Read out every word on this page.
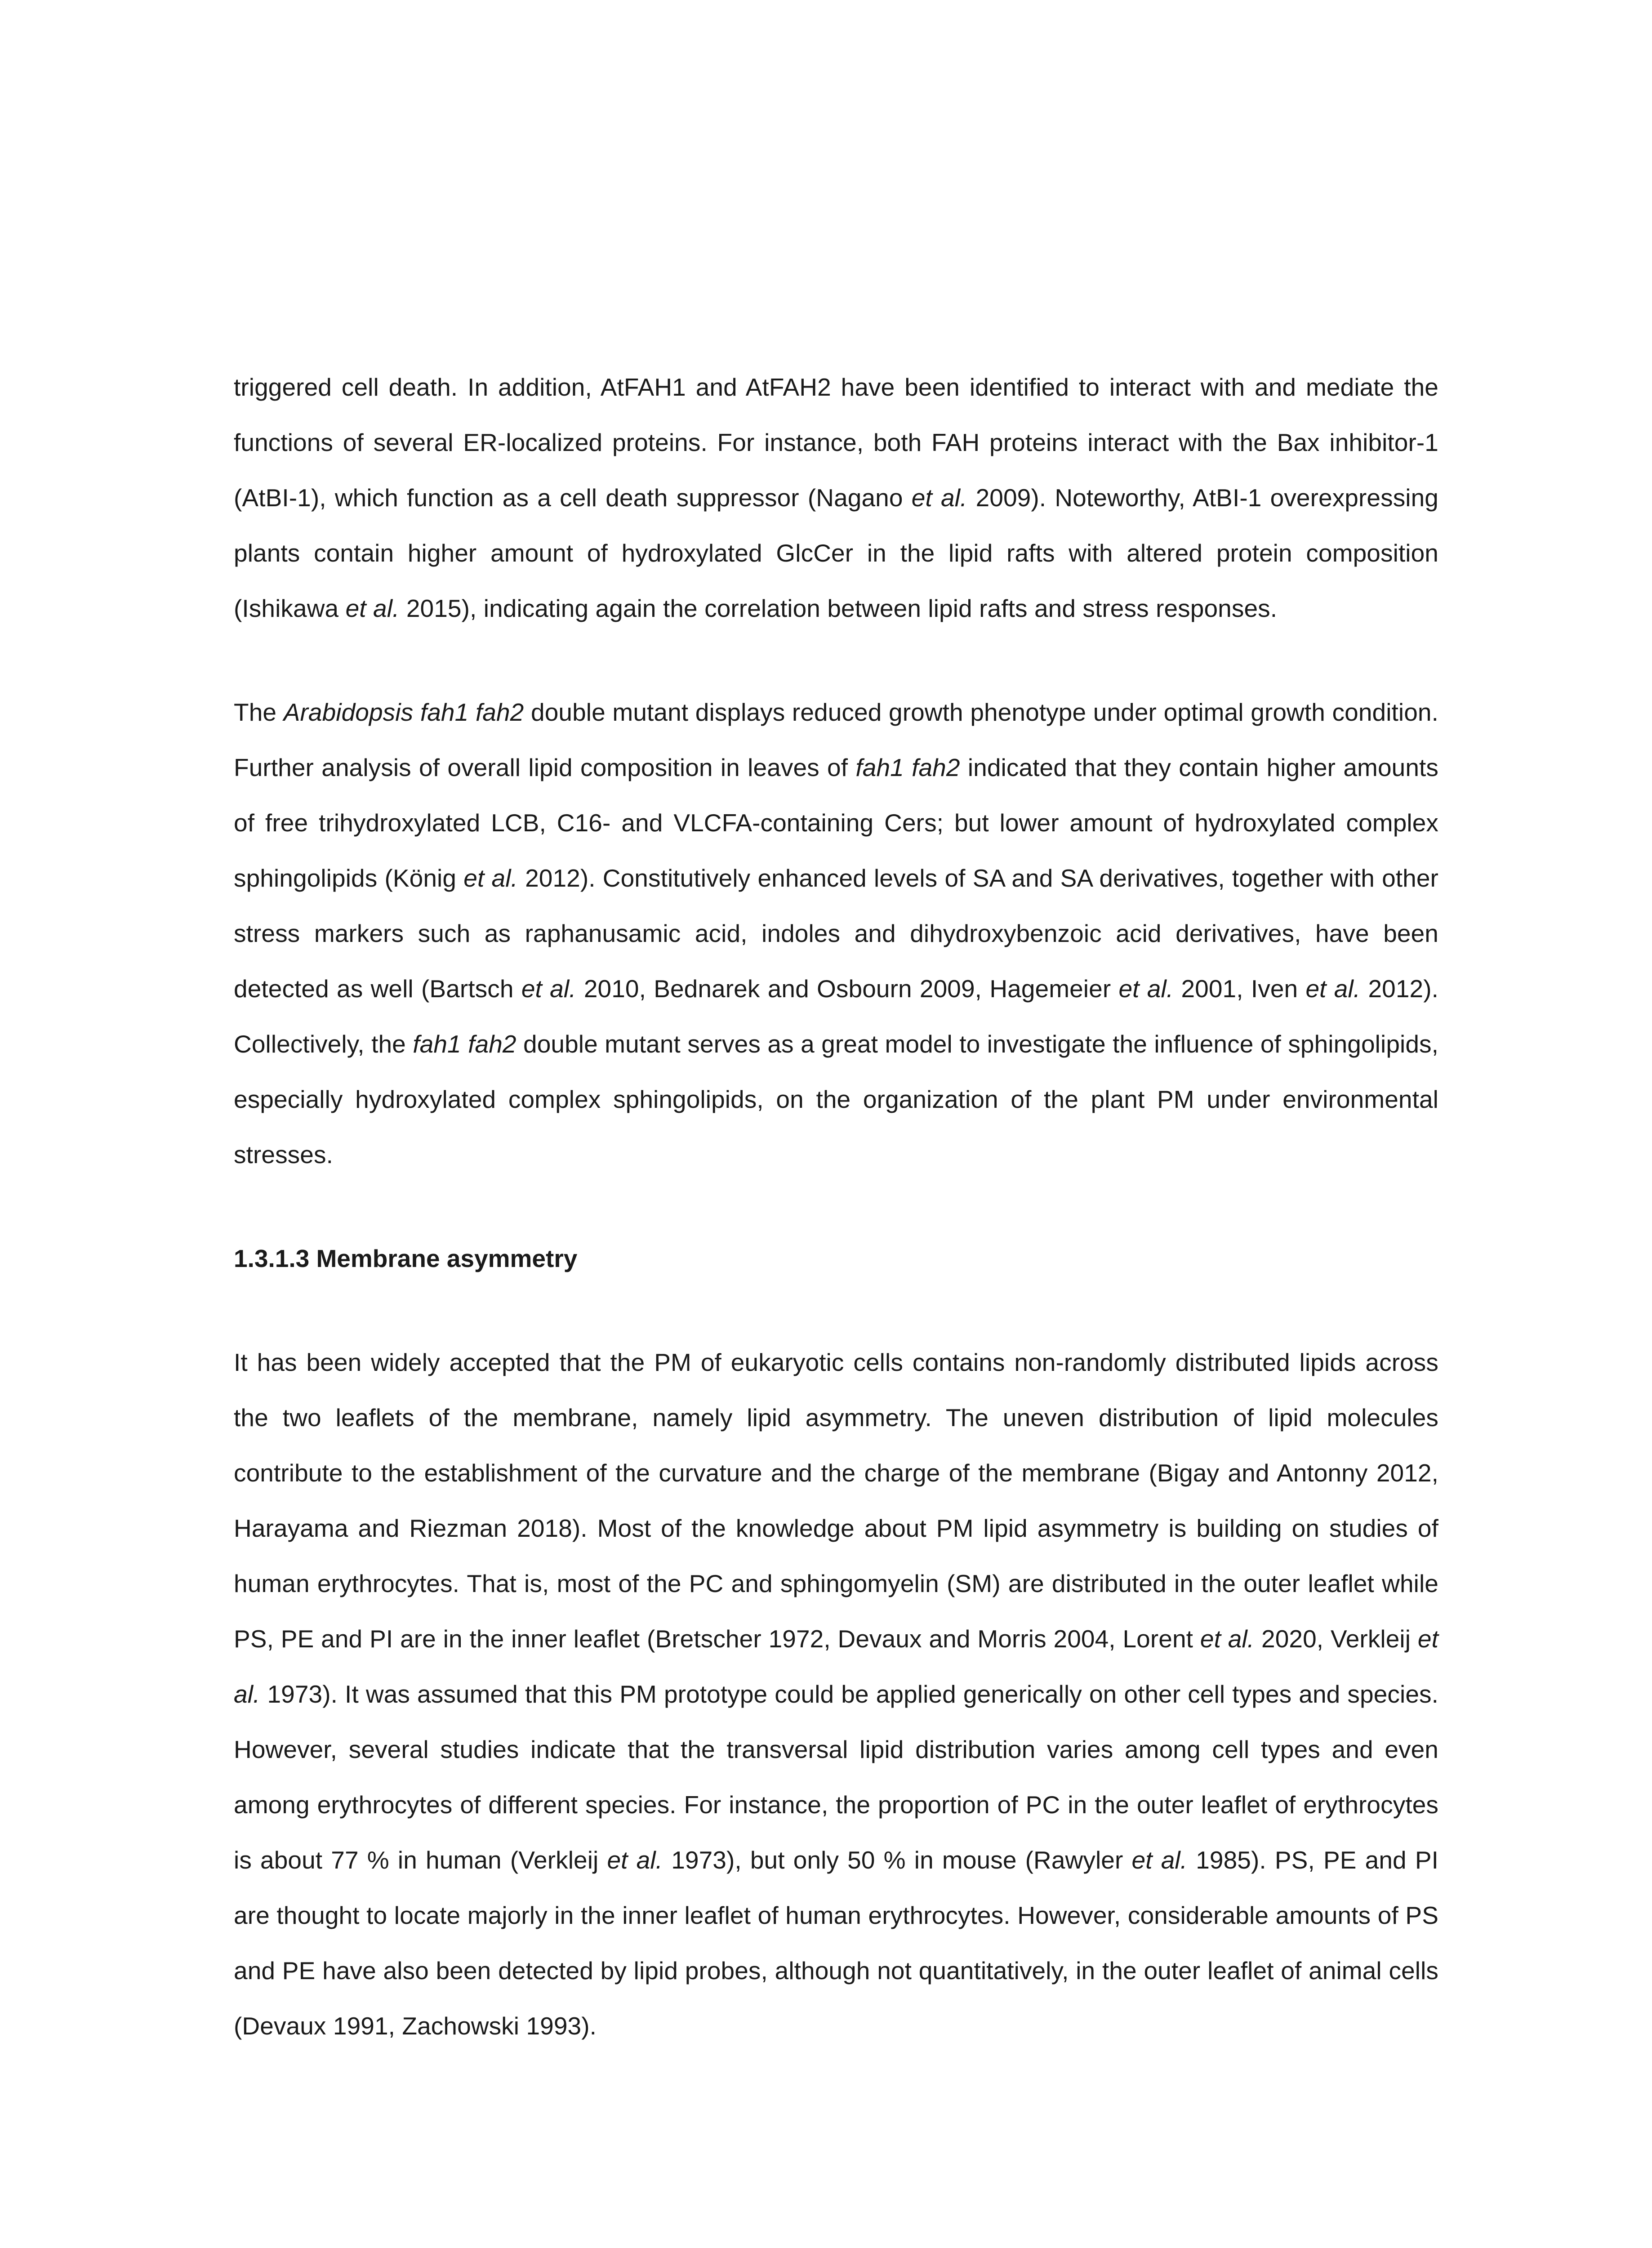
triggered cell death. In addition, AtFAH1 and AtFAH2 have been identified to interact with and mediate the functions of several ER-localized proteins. For instance, both FAH proteins interact with the Bax inhibitor-1 (AtBI-1), which function as a cell death suppressor (Nagano et al. 2009). Noteworthy, AtBI-1 overexpressing plants contain higher amount of hydroxylated GlcCer in the lipid rafts with altered protein composition (Ishikawa et al. 2015), indicating again the correlation between lipid rafts and stress responses.

The Arabidopsis fah1 fah2 double mutant displays reduced growth phenotype under optimal growth condition. Further analysis of overall lipid composition in leaves of fah1 fah2 indicated that they contain higher amounts of free trihydroxylated LCB, C16- and VLCFA-containing Cers; but lower amount of hydroxylated complex sphingolipids (König et al. 2012). Constitutively enhanced levels of SA and SA derivatives, together with other stress markers such as raphanusamic acid, indoles and dihydroxybenzoic acid derivatives, have been detected as well (Bartsch et al. 2010, Bednarek and Osbourn 2009, Hagemeier et al. 2001, Iven et al. 2012). Collectively, the fah1 fah2 double mutant serves as a great model to investigate the influence of sphingolipids, especially hydroxylated complex sphingolipids, on the organization of the plant PM under environmental stresses.

1.3.1.3 Membrane asymmetry

It has been widely accepted that the PM of eukaryotic cells contains non-randomly distributed lipids across the two leaflets of the membrane, namely lipid asymmetry. The uneven distribution of lipid molecules contribute to the establishment of the curvature and the charge of the membrane (Bigay and Antonny 2012, Harayama and Riezman 2018). Most of the knowledge about PM lipid asymmetry is building on studies of human erythrocytes. That is, most of the PC and sphingomyelin (SM) are distributed in the outer leaflet while PS, PE and PI are in the inner leaflet (Bretscher 1972, Devaux and Morris 2004, Lorent et al. 2020, Verkleij et al. 1973). It was assumed that this PM prototype could be applied generically on other cell types and species. However, several studies indicate that the transversal lipid distribution varies among cell types and even among erythrocytes of different species. For instance, the proportion of PC in the outer leaflet of erythrocytes is about 77 % in human (Verkleij et al. 1973), but only 50 % in mouse (Rawyler et al. 1985). PS, PE and PI are thought to locate majorly in the inner leaflet of human erythrocytes. However, considerable amounts of PS and PE have also been detected by lipid probes, although not quantitatively, in the outer leaflet of animal cells (Devaux 1991, Zachowski 1993).
